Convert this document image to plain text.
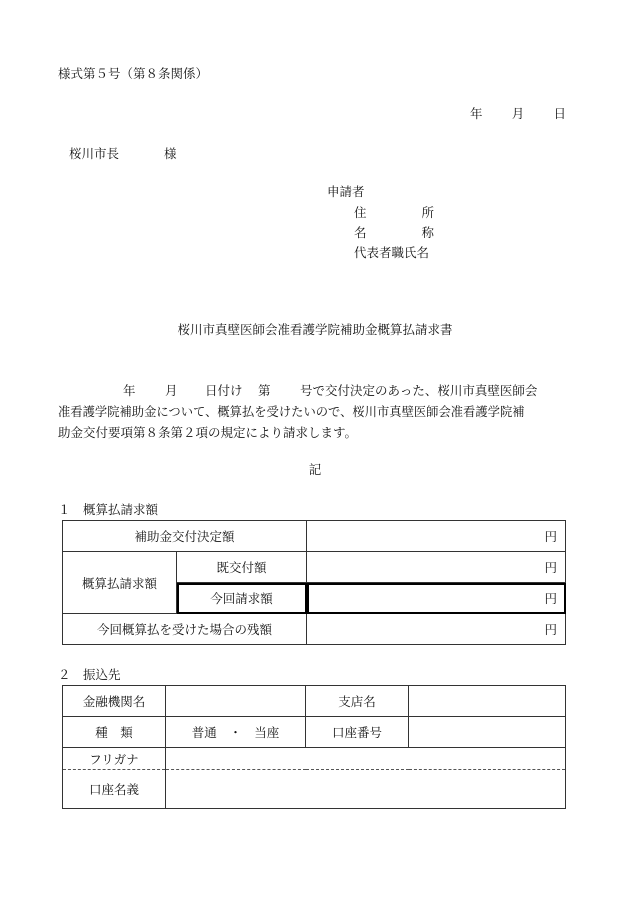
様式第５号（第８条関係）
年 月 日
桜川市長	様
申請者
住	所
名	称
代表者職氏名
桜川市真壁医師会准看護学院補助金概算払請求書
年 月 日付け 第 号で交付決定のあった、桜川市真壁医師会
准看護学院補助金について、概算払を受けたいので、桜川市真壁医師会准看護学院補
助金交付要項第８条第２項の規定により請求します。
記
１　概算払請求額
補助金交付決定額		円
概算払請求額	既交付額	円
	今回請求額	円
今回概算払を受けた場合の残額		円
２　振込先
金融機関名		支店名	
種　類	普通　・　当座	口座番号	
フリガナ			
口座名義			
